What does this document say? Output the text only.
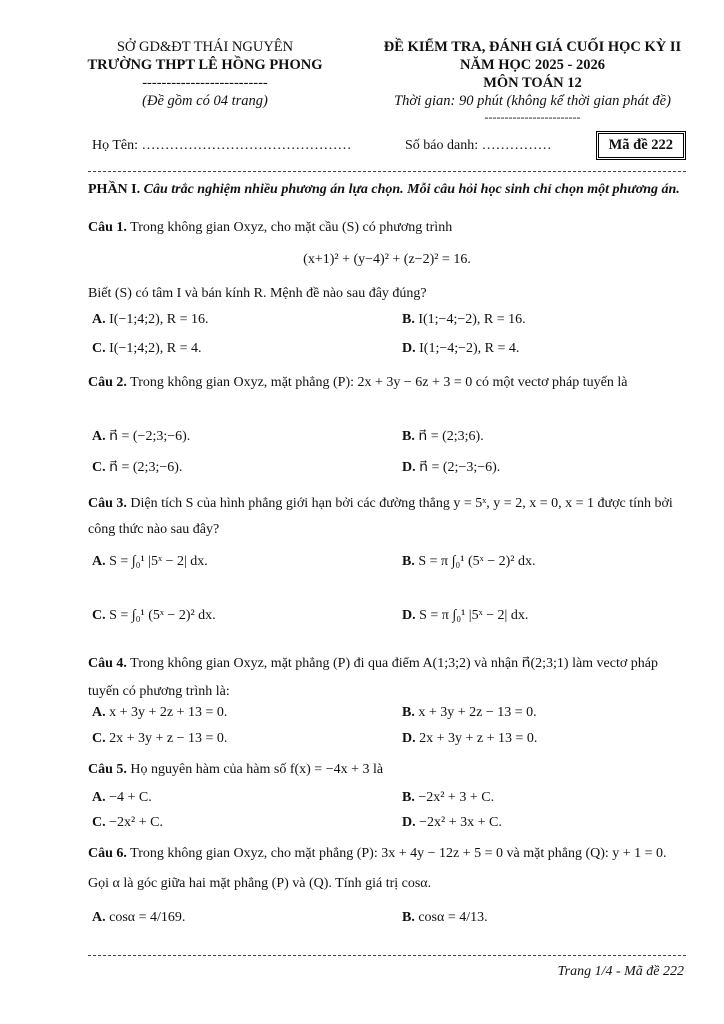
SỞ GD&ĐT THÁI NGUYÊN
TRƯỜNG THPT LÊ HỒNG PHONG
--------------------------
(Đề gồm có 04 trang)
ĐỀ KIỂM TRA, ĐÁNH GIÁ CUỐI HỌC KỲ II
NĂM HỌC 2025 - 2026
MÔN TOÁN 12
Thời gian: 90 phút (không kể thời gian phát đề)
------------------------
Họ Tên: ………………………………………	Số báo danh: ……………	Mã đề 222
PHẦN I. Câu trắc nghiệm nhiều phương án lựa chọn. Mỗi câu hỏi học sinh chỉ chọn một phương án.
Câu 1. Trong không gian Oxyz, cho mặt cầu (S) có phương trình
(x+1)² + (y−4)² + (z−2)² = 16.
Biết (S) có tâm I và bán kính R. Mệnh đề nào sau đây đúng?
A. I(−1;4;2), R = 16.	B. I(1;−4;−2), R = 16.
C. I(−1;4;2), R = 4.	D. I(1;−4;−2), R = 4.
Câu 2. Trong không gian Oxyz, mặt phẳng (P): 2x + 3y − 6z + 3 = 0 có một vectơ pháp tuyến là
A. n⃗ = (−2;3;−6).	B. n⃗ = (2;3;6).
C. n⃗ = (2;3;−6).	D. n⃗ = (2;−3;−6).
Câu 3. Diện tích S của hình phẳng giới hạn bởi các đường thẳng y = 5ˣ, y = 2, x = 0, x = 1 được tính bởi công thức nào sau đây?
A. S = ∫₀¹ |5ˣ − 2| dx.	B. S = π ∫₀¹ (5ˣ − 2)² dx.
C. S = ∫₀¹ (5ˣ − 2)² dx.	D. S = π ∫₀¹ |5ˣ − 2| dx.
Câu 4. Trong không gian Oxyz, mặt phẳng (P) đi qua điểm A(1;3;2) và nhận n⃗(2;3;1) làm vectơ pháp tuyến có phương trình là:
A. x + 3y + 2z + 13 = 0.	B. x + 3y + 2z − 13 = 0.
C. 2x + 3y + z − 13 = 0.	D. 2x + 3y + z + 13 = 0.
Câu 5. Họ nguyên hàm của hàm số f(x) = −4x + 3 là
A. −4 + C.	B. −2x² + 3 + C.
C. −2x² + C.	D. −2x² + 3x + C.
Câu 6. Trong không gian Oxyz, cho mặt phẳng (P): 3x + 4y − 12z + 5 = 0 và mặt phẳng (Q): y + 1 = 0. Gọi α là góc giữa hai mặt phẳng (P) và (Q). Tính giá trị cosα.
A. cosα = 4/169.	B. cosα = 4/13.
Trang 1/4 - Mã đề 222
